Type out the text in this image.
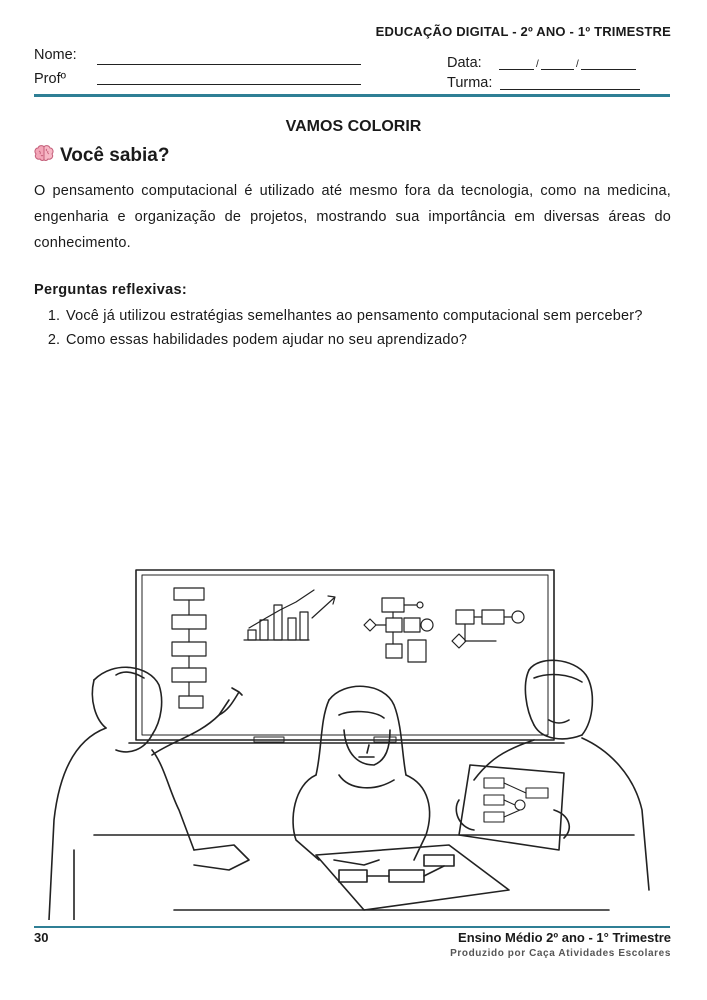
EDUCAÇÃO DIGITAL - 2º ANO - 1º TRIMESTRE
Nome:
Profº
Data:	/	/
Turma:
VAMOS COLORIR
Você sabia?
O pensamento computacional é utilizado até mesmo fora da tecnologia, como na medicina, engenharia e organização de projetos, mostrando sua importância em diversas áreas do conhecimento.
Perguntas reflexivas:
1. Você já utilizou estratégias semelhantes ao pensamento computacional sem perceber?
2. Como essas habilidades podem ajudar no seu aprendizado?
30	Ensino Médio 2º ano - 1° Trimestre
Produzido por Caça Atividades Escolares
